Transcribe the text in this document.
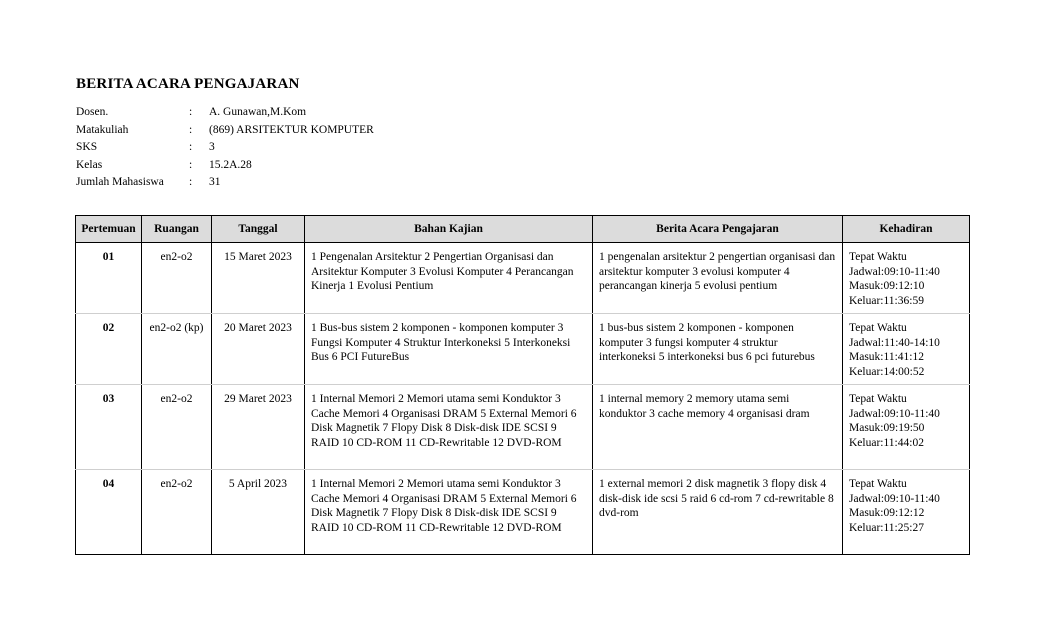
BERITA ACARA PENGAJARAN
Dosen.	:	A. Gunawan,M.Kom
Matakuliah	:	(869) ARSITEKTUR KOMPUTER
SKS	:	3
Kelas	:	15.2A.28
Jumlah Mahasiswa	:	31
Pertemuan	Ruangan	Tanggal	Bahan Kajian	Berita Acara Pengajaran	Kehadiran
01	en2-o2	15 Maret 2023	1 Pengenalan Arsitektur 2 Pengertian Organisasi dan Arsitektur Komputer 3 Evolusi Komputer 4 Perancangan Kinerja 1 Evolusi Pentium	1 pengenalan arsitektur 2 pengertian organisasi dan arsitektur komputer 3 evolusi komputer 4 perancangan kinerja 5 evolusi pentium	Tepat Waktu
Jadwal:09:10-11:40
Masuk:09:12:10
Keluar:11:36:59

02	en2-o2 (kp)	20 Maret 2023	1 Bus-bus sistem 2 komponen - komponen komputer 3 Fungsi Komputer 4 Struktur Interkoneksi 5 Interkoneksi Bus 6 PCI FutureBus	1 bus-bus sistem 2 komponen - komponen komputer 3 fungsi komputer 4 struktur interkoneksi 5 interkoneksi bus 6 pci futurebus	Tepat Waktu
Jadwal:11:40-14:10
Masuk:11:41:12
Keluar:14:00:52

03	en2-o2	29 Maret 2023	1 Internal Memori 2 Memori utama semi Konduktor 3 Cache Memori 4 Organisasi DRAM 5 External Memori 6 Disk Magnetik 7 Flopy Disk 8 Disk-disk IDE SCSI 9 RAID 10 CD-ROM 11 CD-Rewritable 12 DVD-ROM	1 internal memory 2 memory utama semi konduktor 3 cache memory 4 organisasi dram	Tepat Waktu
Jadwal:09:10-11:40
Masuk:09:19:50
Keluar:11:44:02

04	en2-o2	5 April 2023	1 Internal Memori 2 Memori utama semi Konduktor 3 Cache Memori 4 Organisasi DRAM 5 External Memori 6 Disk Magnetik 7 Flopy Disk 8 Disk-disk IDE SCSI 9 RAID 10 CD-ROM 11 CD-Rewritable 12 DVD-ROM	1 external memori 2 disk magnetik 3 flopy disk 4 disk-disk ide scsi 5 raid 6 cd-rom 7 cd-rewritable 8 dvd-rom	Tepat Waktu
Jadwal:09:10-11:40
Masuk:09:12:12
Keluar:11:25:27
